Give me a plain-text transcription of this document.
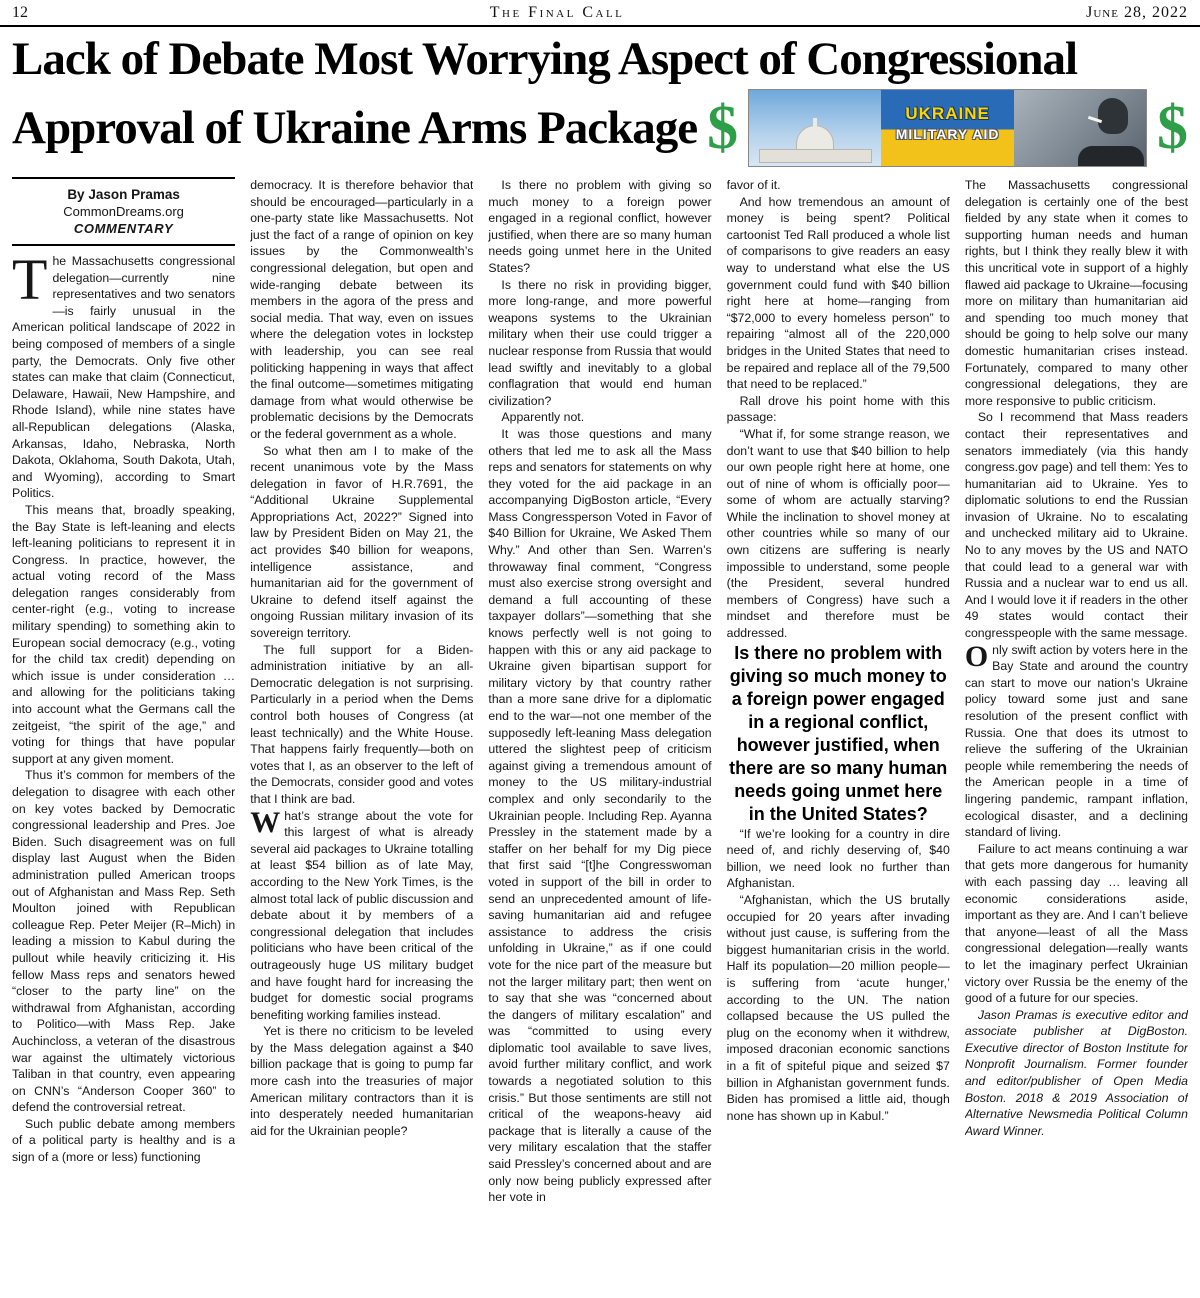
12	The Final Call	June 28, 2022
Lack of Debate Most Worrying Aspect of Congressional
Approval of Ukraine Arms Package $	UKRAINE
MILITARY AID	$
By Jason Pramas
CommonDreams.org
COMMENTARY

The Massachusetts congressional delegation—currently nine representatives and two senators—is fairly unusual in the American political landscape of 2022 in being composed of members of a single party, the Democrats. Only five other states can make that claim (Connecticut, Delaware, Hawaii, New Hampshire, and Rhode Island), while nine states have all-Republican delegations (Alaska, Arkansas, Idaho, Nebraska, North Dakota, Oklahoma, South Dakota, Utah, and Wyoming), according to Smart Politics.

This means that, broadly speaking, the Bay State is left-leaning and elects left-leaning politicians to represent it in Congress. In practice, however, the actual voting record of the Mass delegation ranges considerably from center-right (e.g., voting to increase military spending) to something akin to European social democracy (e.g., voting for the child tax credit) depending on which issue is under consideration … and allowing for the politicians taking into account what the Germans call the zeitgeist, “the spirit of the age,” and voting for things that have popular support at any given moment.

Thus it’s common for members of the delegation to disagree with each other on key votes backed by Democratic congressional leadership and Pres. Joe Biden. Such disagreement was on full display last August when the Biden administration pulled American troops out of Afghanistan and Mass Rep. Seth Moulton joined with Republican colleague Rep. Peter Meijer (R–Mich) in leading a mission to Kabul during the pullout while heavily criticizing it. His fellow Mass reps and senators hewed “closer to the party line” on the withdrawal from Afghanistan, according to Politico—with Mass Rep. Jake Auchincloss, a veteran of the disastrous war against the ultimately victorious Taliban in that country, even appearing on CNN’s “Anderson Cooper 360” to defend the controversial retreat.

Such public debate among members of a political party is healthy and is a sign of a (more or less) functioning

democracy. It is therefore behavior that should be encouraged—particularly in a one-party state like Massachusetts. Not just the fact of a range of opinion on key issues by the Commonwealth’s congressional delegation, but open and wide-ranging debate between its members in the agora of the press and social media. That way, even on issues where the delegation votes in lockstep with leadership, you can see real politicking happening in ways that affect the final outcome—sometimes mitigating damage from what would otherwise be problematic decisions by the Democrats or the federal government as a whole.

So what then am I to make of the recent unanimous vote by the Mass delegation in favor of H.R.7691, the “Additional Ukraine Supplemental Appropriations Act, 2022?” Signed into law by President Biden on May 21, the act provides $40 billion for weapons, intelligence assistance, and humanitarian aid for the government of Ukraine to defend itself against the ongoing Russian military invasion of its sovereign territory.

The full support for a Biden-administration initiative by an all-Democratic delegation is not surprising. Particularly in a period when the Dems control both houses of Congress (at least technically) and the White House. That happens fairly frequently—both on votes that I, as an observer to the left of the Democrats, consider good and votes that I think are bad.

What’s strange about the vote for this largest of what is already several aid packages to Ukraine totalling at least $54 billion as of late May, according to the New York Times, is the almost total lack of public discussion and debate about it by members of a congressional delegation that includes politicians who have been critical of the outrageously huge US military budget and have fought hard for increasing the budget for domestic social programs benefiting working families instead.

Yet is there no criticism to be leveled by the Mass delegation against a $40 billion package that is going to pump far more cash into the treasuries of major American military contractors than it is into desperately needed humanitarian aid for the Ukrainian people?

Is there no problem with giving so much money to a foreign power engaged in a regional conflict, however justified, when there are so many human needs going unmet here in the United States?

Is there no risk in providing bigger, more long-range, and more powerful weapons systems to the Ukrainian military when their use could trigger a nuclear response from Russia that would lead swiftly and inevitably to a global conflagration that would end human civilization?

Apparently not.

It was those questions and many others that led me to ask all the Mass reps and senators for statements on why they voted for the aid package in an accompanying DigBoston article, “Every Mass Congressperson Voted in Favor of $40 Billion for Ukraine, We Asked Them Why.” And other than Sen. Warren’s throwaway final comment, “Congress must also exercise strong oversight and demand a full accounting of these taxpayer dollars”—something that she knows perfectly well is not going to happen with this or any aid package to Ukraine given bipartisan support for military victory by that country rather than a more sane drive for a diplomatic end to the war—not one member of the supposedly left-leaning Mass delegation uttered the slightest peep of criticism against giving a tremendous amount of money to the US military-industrial complex and only secondarily to the Ukrainian people. Including Rep. Ayanna Pressley in the statement made by a staffer on her behalf for my Dig piece that first said “[t]he Congresswoman voted in support of the bill in order to send an unprecedented amount of life-saving humanitarian aid and refugee assistance to address the crisis unfolding in Ukraine,” as if one could vote for the nice part of the measure but not the larger military part; then went on to say that she was “concerned about the dangers of military escalation” and was “committed to using every diplomatic tool available to save lives, avoid further military conflict, and work towards a negotiated solution to this crisis.” But those sentiments are still not critical of the weapons-heavy aid package that is literally a cause of the very military escalation that the staffer said Pressley’s concerned about and are only now being publicly expressed after her vote in

favor of it.

And how tremendous an amount of money is being spent? Political cartoonist Ted Rall produced a whole list of comparisons to give readers an easy way to understand what else the US government could fund with $40 billion right here at home—ranging from “$72,000 to every homeless person” to repairing “almost all of the 220,000 bridges in the United States that need to be repaired and replace all of the 79,500 that need to be replaced.”

Rall drove his point home with this passage:

“What if, for some strange reason, we don’t want to use that $40 billion to help our own people right here at home, one out of nine of whom is officially poor—some of whom are actually starving? While the inclination to shovel money at other countries while so many of our own citizens are suffering is nearly impossible to understand, some people (the President, several hundred members of Congress) have such a mindset and therefore must be addressed.

Is there no problem with giving so much money to a foreign power engaged in a regional conflict, however justified, when there are so many human needs going unmet here in the United States?

“If we’re looking for a country in dire need of, and richly deserving of, $40 billion, we need look no further than Afghanistan.

“Afghanistan, which the US brutally occupied for 20 years after invading without just cause, is suffering from the biggest humanitarian crisis in the world. Half its population—20 million people—is suffering from ‘acute hunger,’ according to the UN. The nation collapsed because the US pulled the plug on the economy when it withdrew, imposed draconian economic sanctions in a fit of spiteful pique and seized $7 billion in Afghanistan government funds. Biden has promised a little aid, though none has shown up in Kabul.”

The Massachusetts congressional delegation is certainly one of the best fielded by any state when it comes to supporting human needs and human rights, but I think they really blew it with this uncritical vote in support of a highly flawed aid package to Ukraine—focusing more on military than humanitarian aid and spending too much money that should be going to help solve our many domestic humanitarian crises instead. Fortunately, compared to many other congressional delegations, they are more responsive to public criticism.

So I recommend that Mass readers contact their representatives and senators immediately (via this handy congress.gov page) and tell them: Yes to humanitarian aid to Ukraine. Yes to diplomatic solutions to end the Russian invasion of Ukraine. No to escalating and unchecked military aid to Ukraine. No to any moves by the US and NATO that could lead to a general war with Russia and a nuclear war to end us all. And I would love it if readers in the other 49 states would contact their congresspeople with the same message.

Only swift action by voters here in the Bay State and around the country can start to move our nation’s Ukraine policy toward some just and sane resolution of the present conflict with Russia. One that does its utmost to relieve the suffering of the Ukrainian people while remembering the needs of the American people in a time of lingering pandemic, rampant inflation, ecological disaster, and a declining standard of living.

Failure to act means continuing a war that gets more dangerous for humanity with each passing day … leaving all economic considerations aside, important as they are. And I can’t believe that anyone—least of all the Mass congressional delegation—really wants to let the imaginary perfect Ukrainian victory over Russia be the enemy of the good of a future for our species.

Jason Pramas is executive editor and associate publisher at DigBoston. Executive director of Boston Institute for Nonprofit Journalism. Former founder and editor/publisher of Open Media Boston. 2018 & 2019 Association of Alternative Newsmedia Political Column Award Winner.
